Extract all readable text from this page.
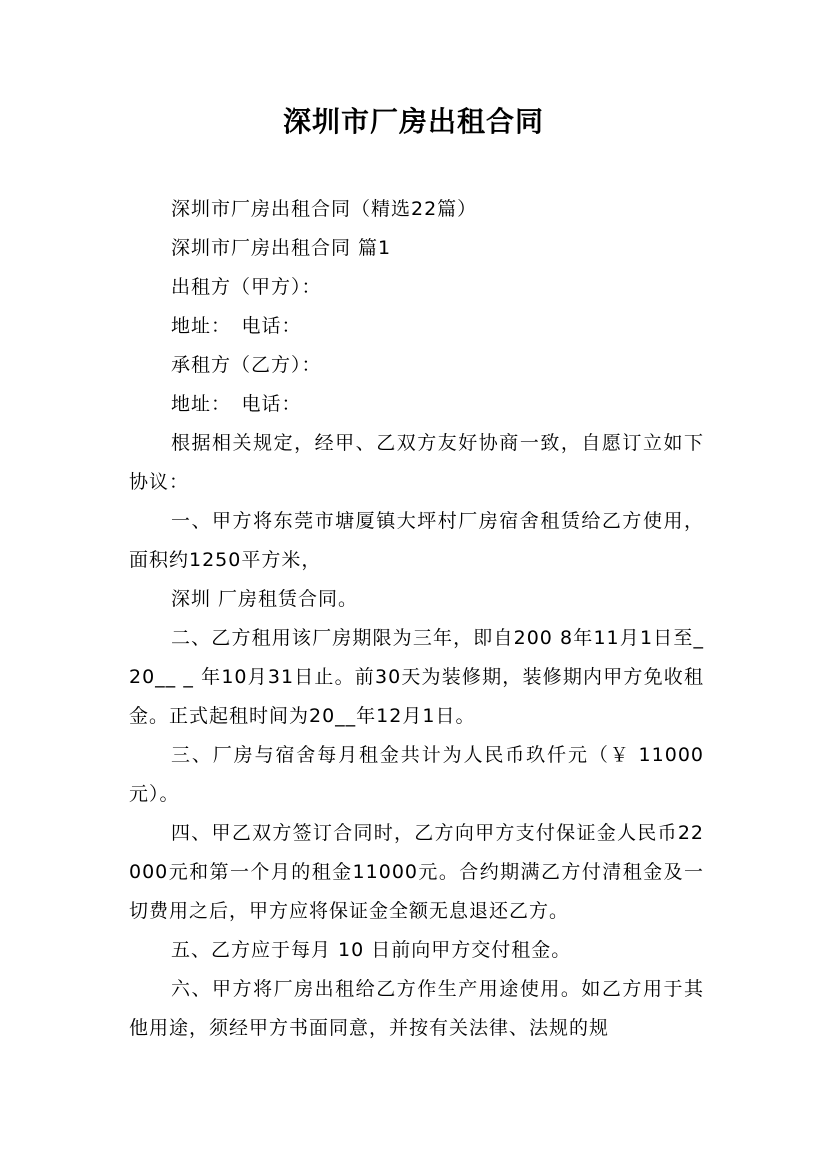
深圳市厂房出租合同

深圳市厂房出租合同（精选22篇）

深圳市厂房出租合同 篇1

出租方（甲方）：

地址：　电话：

承租方（乙方）：

地址：　电话：

根据相关规定，经甲、乙双方友好协商一致，自愿订立如下协议：

一、甲方将东莞市塘厦镇大坪村厂房宿舍租赁给乙方使用，面积约1250平方米，

深圳 厂房租赁合同。

二、乙方租用该厂房期限为三年，即自200 8年11月1日至_20__ _ 年10月31日止。前30天为装修期，装修期内甲方免收租金。正式起租时间为20__年12月1日。

三、厂房与宿舍每月租金共计为人民币玖仟元（￥ 11000元）。

四、甲乙双方签订合同时，乙方向甲方支付保证金人民币22000元和第一个月的租金11000元。合约期满乙方付清租金及一切费用之后，甲方应将保证金全额无息退还乙方。

五、乙方应于每月 10 日前向甲方交付租金。

六、甲方将厂房出租给乙方作生产用途使用。如乙方用于其他用途，须经甲方书面同意，并按有关法律、法规的规
